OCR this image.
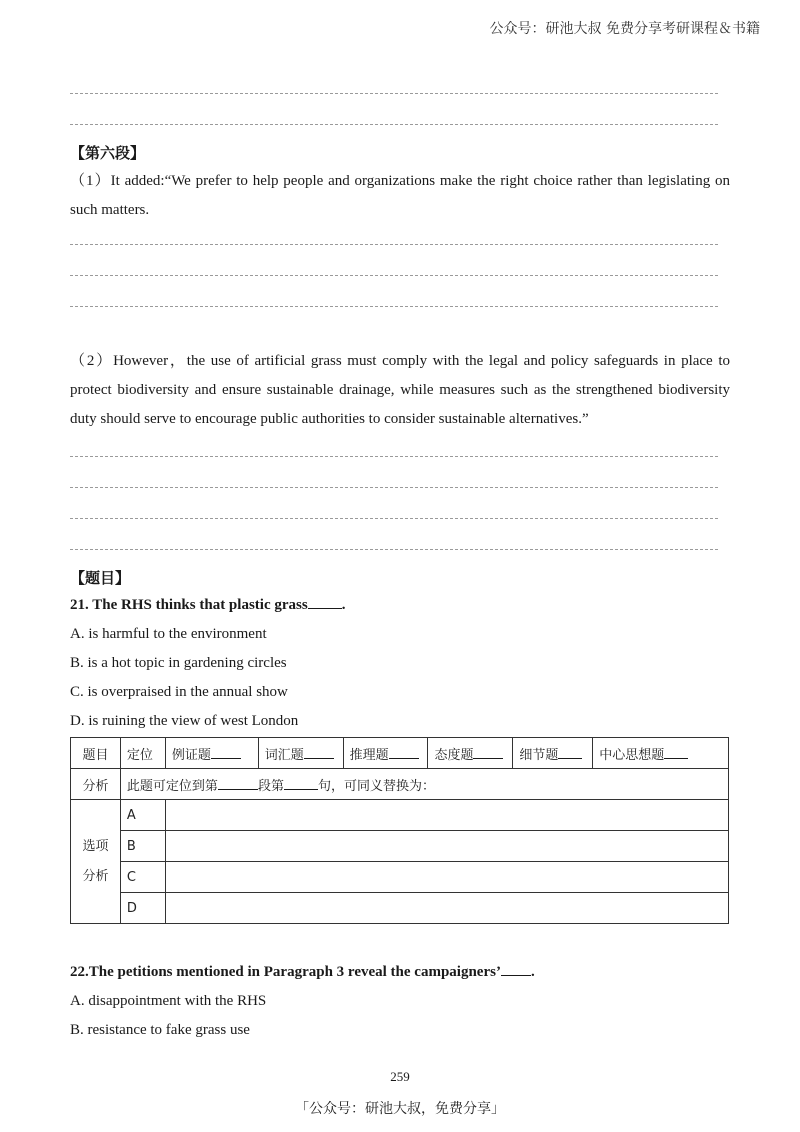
公众号：研池大叔 免费分享考研课程＆书籍
【第六段】

（1）It added:“We prefer to help people and organizations make the right choice rather than legislating on such matters.

（2）However，the use of artificial grass must comply with the legal and policy safeguards in place to protect biodiversity and ensure sustainable drainage, while measures such as the strengthened biodiversity duty should serve to encourage public authorities to consider sustainable alternatives.”

【题目】
21. The RHS thinks that plastic grass .
A. is harmful to the environment
B. is a hot topic in gardening circles
C. is overpraised in the annual show
D. is ruining the view of west London
题目	定位	例证题	词汇题	推理题	态度题	细节题	中心思想题
分析	此题可定位到第 段第 句，可同义替换为：						

选项
分析	A						
	B						
	C						
	D						
22.The petitions mentioned in Paragraph 3 reveal the campaigners’ .
A. disappointment with the RHS
B. resistance to fake grass use
259
「公众号：研池大叔，免费分享」
